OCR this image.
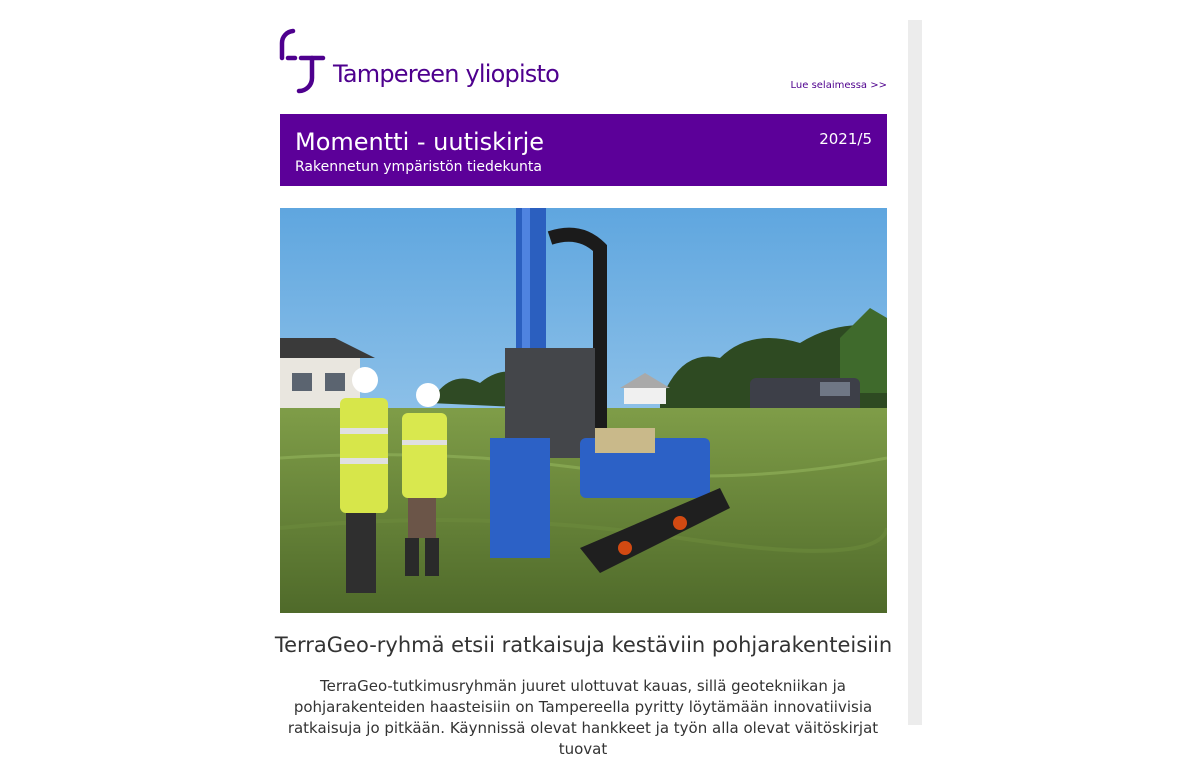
Tampereen yliopisto	Lue selaimessa >>
Momentti - uutiskirje
Rakennetun ympäristön tiedekunta
2021/5
TerraGeo-ryhmä etsii ratkaisuja kestäviin pohjarakenteisiin
TerraGeo-tutkimusryhmän juuret ulottuvat kauas, sillä geotekniikan ja pohjarakenteiden haasteisiin on Tampereella pyritty löytämään innovatiivisia ratkaisuja jo pitkään. Käynnissä olevat hankkeet ja työn alla olevat väitöskirjat tuovat
